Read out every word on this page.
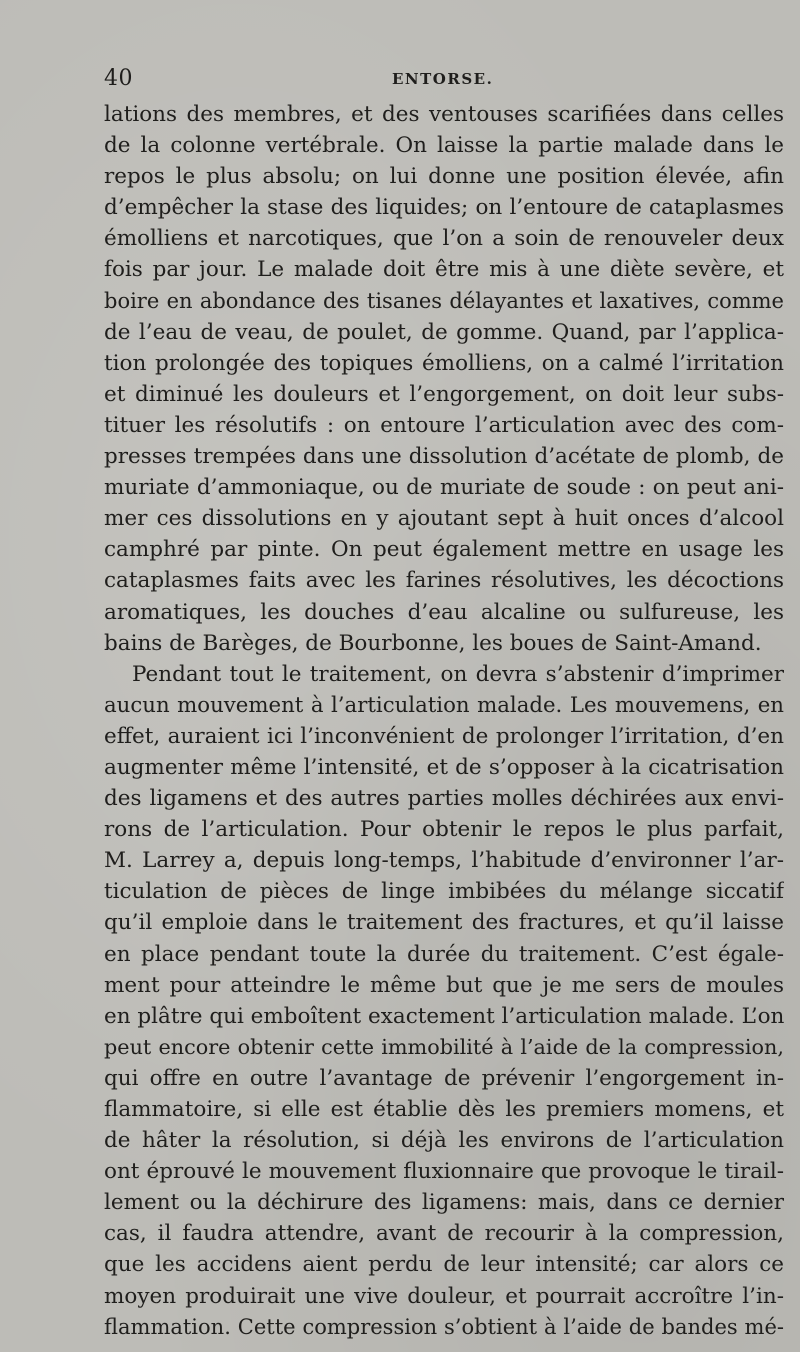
40	ENTORSE.
lations des membres, et des ventouses scarifiées dans celles
de la colonne vertébrale. On laisse la partie malade dans le
repos le plus absolu; on lui donne une position élevée, afin
d’empêcher la stase des liquides; on l’entoure de cataplasmes
émolliens et narcotiques, que l’on a soin de renouveler deux
fois par jour. Le malade doit être mis à une diète sevère, et
boire en abondance des tisanes délayantes et laxatives, comme
de l’eau de veau, de poulet, de gomme. Quand, par l’applica-
tion prolongée des topiques émolliens, on a calmé l’irritation
et diminué les douleurs et l’engorgement, on doit leur subs-
tituer les résolutifs : on entoure l’articulation avec des com-
presses trempées dans une dissolution d’acétate de plomb, de
muriate d’ammoniaque, ou de muriate de soude : on peut ani-
mer ces dissolutions en y ajoutant sept à huit onces d’alcool
camphré par pinte. On peut également mettre en usage les
cataplasmes faits avec les farines résolutives, les décoctions
aromatiques, les douches d’eau alcaline ou sulfureuse, les
bains de Barèges, de Bourbonne, les boues de Saint-Amand.
Pendant tout le traitement, on devra s’abstenir d’imprimer
aucun mouvement à l’articulation malade. Les mouvemens, en
effet, auraient ici l’inconvénient de prolonger l’irritation, d’en
augmenter même l’intensité, et de s’opposer à la cicatrisation
des ligamens et des autres parties molles déchirées aux envi-
rons de l’articulation. Pour obtenir le repos le plus parfait,
M. Larrey a, depuis long-temps, l’habitude d’environner l’ar-
ticulation de pièces de linge imbibées du mélange siccatif
qu’il emploie dans le traitement des fractures, et qu’il laisse
en place pendant toute la durée du traitement. C’est égale-
ment pour atteindre le même but que je me sers de moules
en plâtre qui emboîtent exactement l’articulation malade. L’on
peut encore obtenir cette immobilité à l’aide de la compression,
qui offre en outre l’avantage de prévenir l’engorgement in-
flammatoire, si elle est établie dès les premiers momens, et
de hâter la résolution, si déjà les environs de l’articulation
ont éprouvé le mouvement fluxionnaire que provoque le tirail-
lement ou la déchirure des ligamens: mais, dans ce dernier
cas, il faudra attendre, avant de recourir à la compression,
que les accidens aient perdu de leur intensité; car alors ce
moyen produirait une vive douleur, et pourrait accroître l’in-
flammation. Cette compression s’obtient à l’aide de bandes mé-
